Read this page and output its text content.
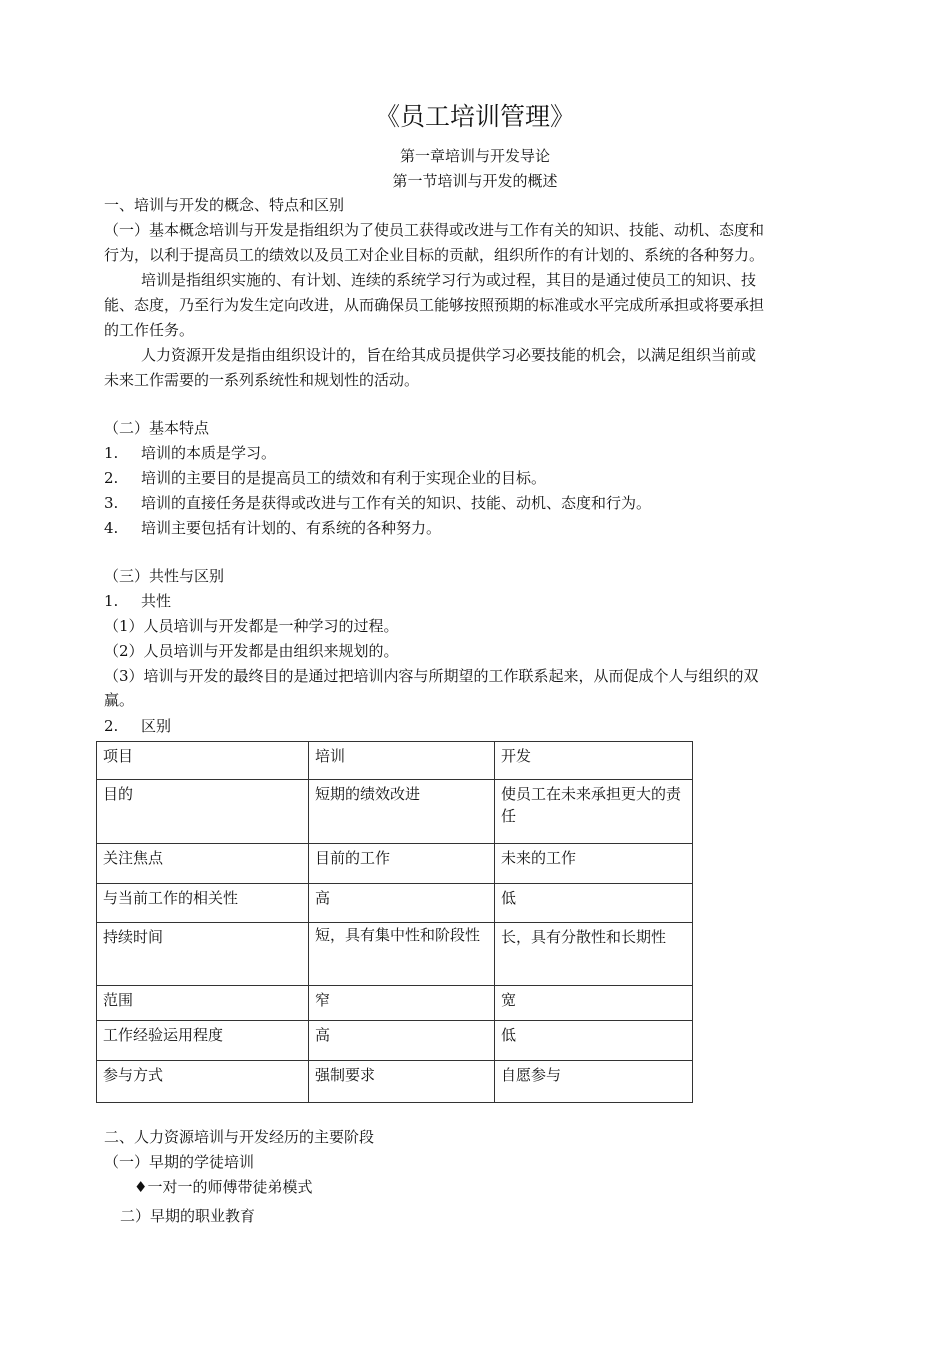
《员工培训管理》
第一章培训与开发导论
第一节培训与开发的概述
一、培训与开发的概念、特点和区别
（一）基本概念培训与开发是指组织为了使员工获得或改进与工作有关的知识、技能、动机、态度和
行为，以利于提高员工的绩效以及员工对企业目标的贡献，组织所作的有计划的、系统的各种努力。
培训是指组织实施的、有计划、连续的系统学习行为或过程，其目的是通过使员工的知识、技
能、态度，乃至行为发生定向改进，从而确保员工能够按照预期的标准或水平完成所承担或将要承担
的工作任务。
人力资源开发是指由组织设计的，旨在给其成员提供学习必要技能的机会，以满足组织当前或
未来工作需要的一系列系统性和规划性的活动。
（二）基本特点
1. 培训的本质是学习。
2. 培训的主要目的是提高员工的绩效和有利于实现企业的目标。
3. 培训的直接任务是获得或改进与工作有关的知识、技能、动机、态度和行为。
4. 培训主要包括有计划的、有系统的各种努力。
（三）共性与区别
1. 共性
（1）人员培训与开发都是一种学习的过程。
（2）人员培训与开发都是由组织来规划的。
（3）培训与开发的最终目的是通过把培训内容与所期望的工作联系起来，从而促成个人与组织的双
赢。
2. 区别
项目	培训	开发
目的	短期的绩效改进	使员工在未来承担更大的责任
关注焦点	目前的工作	未来的工作
与当前工作的相关性	高	低
持续时间	短，具有集中性和阶段性	长，具有分散性和长期性
范围	窄	宽
工作经验运用程度	高	低
参与方式	强制要求	自愿参与
二、人力资源培训与开发经历的主要阶段
（一）早期的学徒培训
♦一对一的师傅带徒弟模式
二）早期的职业教育
